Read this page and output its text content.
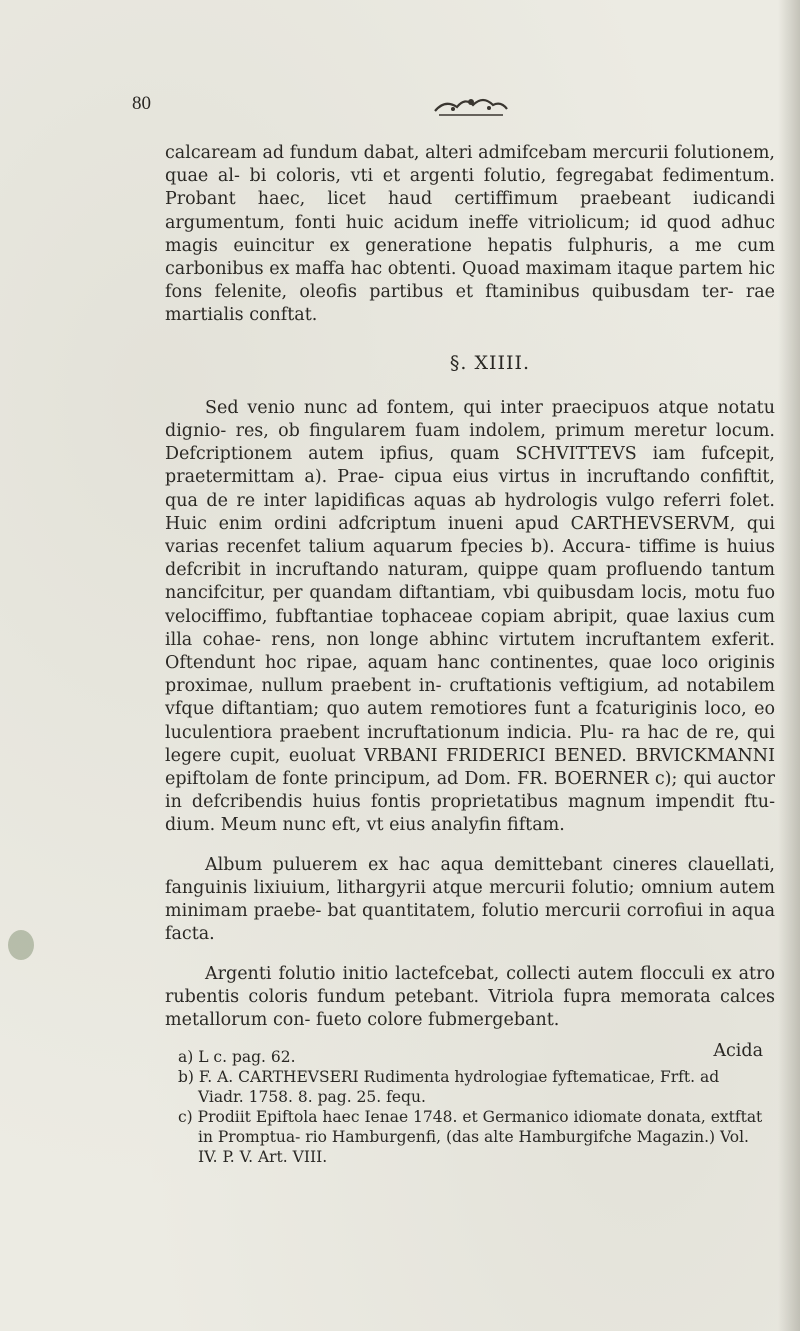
80

calcaream ad fundum dabat, alteri admifcebam mercurii folutionem, quae al- bi coloris, vti et argenti folutio, fegregabat fedimentum. Probant haec, licet haud certiffimum praebeant iudicandi argumentum, fonti huic acidum ineffe vitriolicum; id quod adhuc magis euincitur ex generatione hepatis fulphuris, a me cum carbonibus ex maffa hac obtenti. Quoad maximam itaque partem hic fons felenite, oleofis partibus et ftaminibus quibusdam ter- rae martialis conftat.

§. XIIII.

Sed venio nunc ad fontem, qui inter praecipuos atque notatu dignio- res, ob fingularem fuam indolem, primum meretur locum. Defcriptionem autem ipfius, quam SCHVITTEVS iam fufcepit, praetermittam a). Prae- cipua eius virtus in incruftando confiftit, qua de re inter lapidificas aquas ab hydrologis vulgo referri folet. Huic enim ordini adfcriptum inueni apud CARTHEVSERVM, qui varias recenfet talium aquarum fpecies b). Accura- tiffime is huius defcribit in incruftando naturam, quippe quam profluendo tantum nancifcitur, per quandam diftantiam, vbi quibusdam locis, motu fuo velociffimo, fubftantiae tophaceae copiam abripit, quae laxius cum illa cohae- rens, non longe abhinc virtutem incruftantem exferit. Oftendunt hoc ripae, aquam hanc continentes, quae loco originis proximae, nullum praebent in- cruftationis veftigium, ad notabilem vfque diftantiam; quo autem remotiores funt a fcaturiginis loco, eo luculentiora praebent incruftationum indicia. Plu- ra hac de re, qui legere cupit, euoluat VRBANI FRIDERICI BENED. BRVICKMANNI epiftolam de fonte principum, ad Dom. FR. BOERNER c); qui auctor in defcribendis huius fontis proprietatibus magnum impendit ftu- dium. Meum nunc eft, vt eius analyfin fiftam.

Album puluerem ex hac aqua demittebant cineres clauellati, fanguinis lixiuium, lithargyrii atque mercurii folutio; omnium autem minimam praebe- bat quantitatem, folutio mercurii corrofiui in aqua facta.

Argenti folutio initio lactefcebat, collecti autem flocculi ex atro rubentis coloris fundum petebant. Vitriola fupra memorata calces metallorum con- fueto colore fubmergebant.

Acida

a) L c. pag. 62.

b) F. A. CARTHEVSERI Rudimenta hydrologiae fyftematicae, Frft. ad Viadr. 1758. 8. pag. 25. fequ.

c) Prodiit Epiftola haec Ienae 1748. et Germanico idiomate donata, extftat in Promptua- rio Hamburgenfi, (das alte Hamburgifche Magazin.) Vol. IV. P. V. Art. VIII.
